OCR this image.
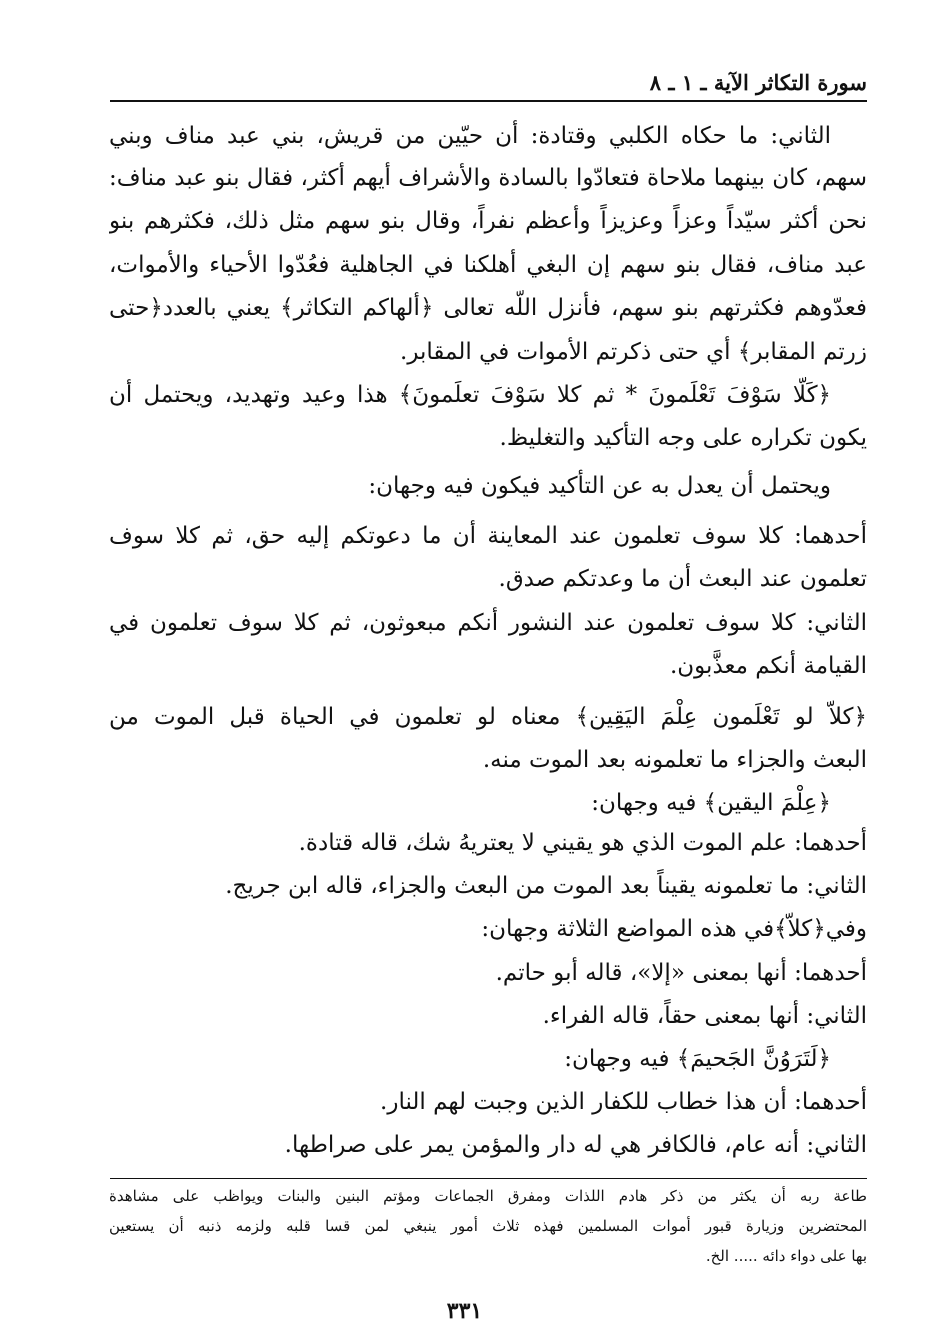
سورة التكاثر الآية ـ ١ ـ ٨
الثاني: ما حكاه الكلبي وقتادة: أن حيّين من قريش، بني عبد مناف وبني
سهم، كان بينهما ملاحاة فتعادّوا بالسادة والأشراف أيهم أكثر، فقال بنو عبد مناف:
نحن أكثر سيّداً وعزاً وعزيزاً وأعظم نفراً، وقال بنو سهم مثل ذلك، فكثرهم بنو
عبد مناف، فقال بنو سهم إن البغي أهلكنا في الجاهلية فعُدّوا الأحياء والأموات،
فعدّوهم فكثرتهم بنو سهم، فأنزل اللّه تعالى ﴿ألهاكم التكاثر﴾ يعني بالعدد﴿حتى
زرتم المقابر﴾ أي حتى ذكرتم الأموات في المقابر.
﴿كَلَّا سَوْفَ تَعْلَمونَ * ثم كلا سَوْفَ تعلَمونَ﴾ هذا وعيد وتهديد، ويحتمل أن
يكون تكراره على وجه التأكيد والتغليظ.
ويحتمل أن يعدل به عن التأكيد فيكون فيه وجهان:
أحدهما: كلا سوف تعلمون عند المعاينة أن ما دعوتكم إليه حق، ثم كلا سوف
تعلمون عند البعث أن ما وعدتكم صدق.
الثاني: كلا سوف تعلمون عند النشور أنكم مبعوثون، ثم كلا سوف تعلمون في
القيامة أنكم معذَّبون.
﴿كلاّ لو تَعْلَمون عِلْمَ اليَقِين﴾ معناه لو تعلمون في الحياة قبل الموت من
البعث والجزاء ما تعلمونه بعد الموت منه.
﴿عِلْمَ اليقين﴾ فيه وجهان:
أحدهما: علم الموت الذي هو يقيني لا يعتريهُ شك، قاله قتادة.
الثاني: ما تعلمونه يقيناً بعد الموت من البعث والجزاء، قاله ابن جريج.
وفي﴿كلاّ﴾في هذه المواضع الثلاثة وجهان:
أحدهما: أنها بمعنى «إلا»، قاله أبو حاتم.
الثاني: أنها بمعنى حقاً، قاله الفراء.
﴿لَتَرَوُنَّ الجَحيمَ﴾ فيه وجهان:
أحدهما: أن هذا خطاب للكفار الذين وجبت لهم النار.
الثاني: أنه عام، فالكافر هي له دار والمؤمن يمر على صراطها.
طاعة ربه أن يكثر من ذكر هادم اللذات ومفرق الجماعات ومؤتم البنين والبنات ويواظب على مشاهدة
المحتضرين وزيارة قبور أموات المسلمين فهذه ثلاث أمور ينبغي لمن قسا قلبه ولزمه ذنبه أن يستعين
بها على دواء دائه ..... الخ.
٣٣١
